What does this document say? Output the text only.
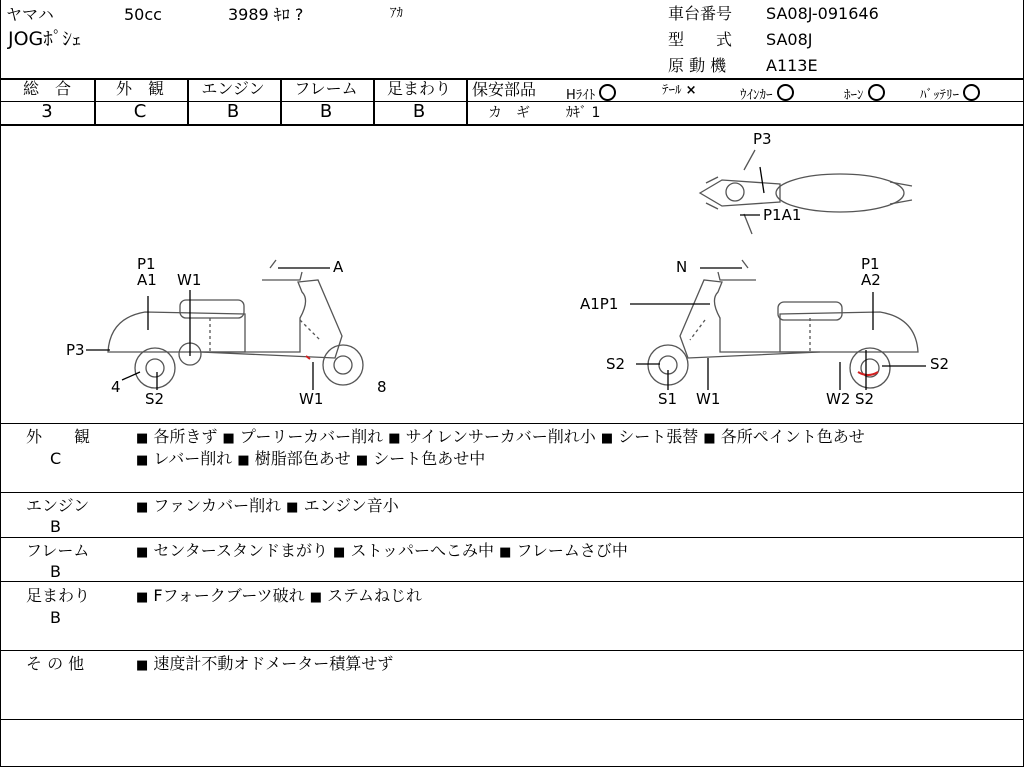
ヤマハ	50cc	3989 ｷﾛ ?	ｱｶ
JOGﾎﾟｼｪ
車台番号 SA08J-091646
型　　式 SA08J
原 動 機 A113E
総　合
3
外　観
C
エンジン
B
フレーム
B
足まわり
B
保安部品 Hﾗｲﾄ	ﾃｰﾙ ×	ｳｲﾝｶｰ	ﾎｰﾝ	ﾊﾞｯﾃﾘｰ
カ　ギ	ｶｷﾞ 1
P3
P1A1
P1
A1 W1
A
P3
4
S2	W1
8
N	P1
A2
A1P1
S2
S1 W1	W2 S2
S2
外　　観
C
■ 各所きず ■ プーリーカバー削れ ■ サイレンサーカバー削れ小 ■ シート張替 ■ 各所ペイント色あせ
■ レバー削れ ■ 樹脂部色あせ ■ シート色あせ中
エンジン
B
■ ファンカバー削れ ■ エンジン音小
フレーム
B
■ センタースタンドまがり ■ ストッパーへこみ中 ■ フレームさび中
足まわり
B
■ Fフォークブーツ破れ ■ ステムねじれ
そ の 他	■ 速度計不動オドメーター積算せず
